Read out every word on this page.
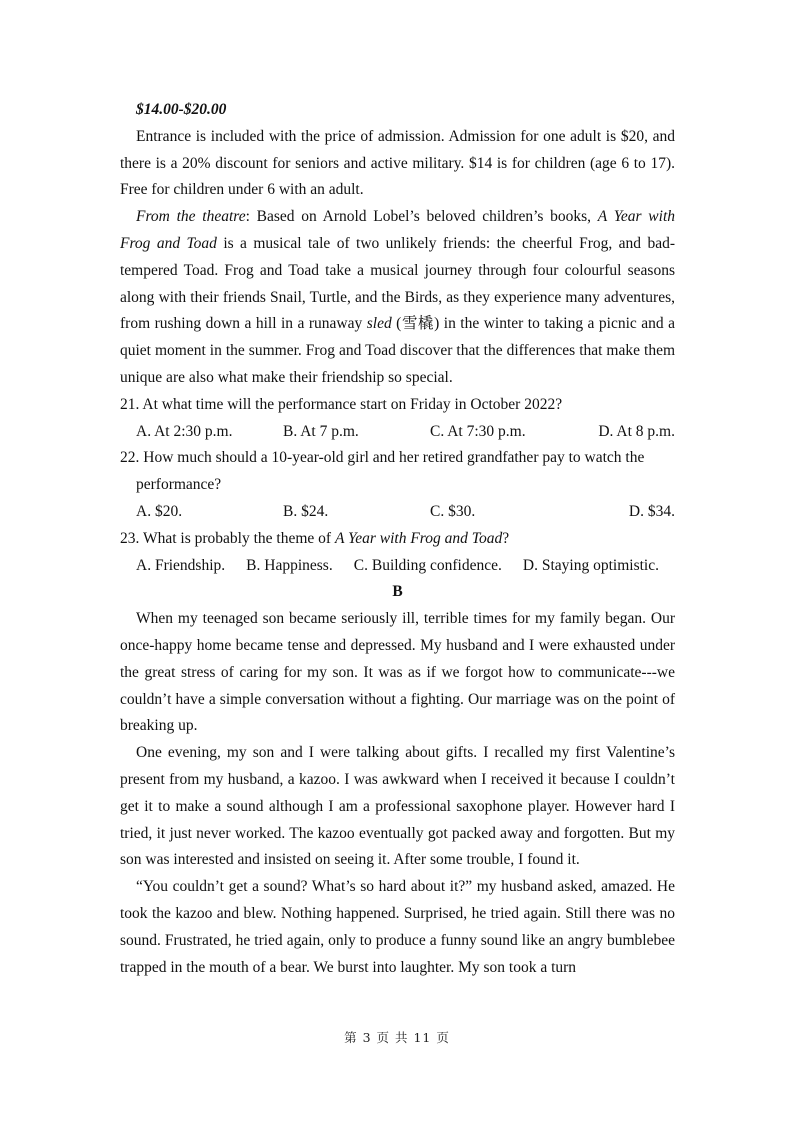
$14.00-$20.00

Entrance is included with the price of admission. Admission for one adult is $20, and there is a 20% discount for seniors and active military. $14 is for children (age 6 to 17). Free for children under 6 with an adult.

From the theatre: Based on Arnold Lobel’s beloved children’s books, A Year with Frog and Toad is a musical tale of two unlikely friends: the cheerful Frog, and bad-tempered Toad. Frog and Toad take a musical journey through four colourful seasons along with their friends Snail, Turtle, and the Birds, as they experience many adventures, from rushing down a hill in a runaway sled (雪橇) in the winter to taking a picnic and a quiet moment in the summer. Frog and Toad discover that the differences that make them unique are also what make their friendship so special.

21. At what time will the performance start on Friday in October 2022?

A. At 2:30 p.m.	B. At 7 p.m.	C. At 7:30 p.m.	D. At 8 p.m.

22. How much should a 10-year-old girl and her retired grandfather pay to watch the performance?

A. $20.	B. $24.	C. $30.	D. $34.

23. What is probably the theme of A Year with Frog and Toad?

A. Friendship. B. Happiness. C. Building confidence. D. Staying optimistic.

B

When my teenaged son became seriously ill, terrible times for my family began. Our once-happy home became tense and depressed. My husband and I were exhausted under the great stress of caring for my son. It was as if we forgot how to communicate---we couldn’t have a simple conversation without a fighting. Our marriage was on the point of breaking up.

One evening, my son and I were talking about gifts. I recalled my first Valentine’s present from my husband, a kazoo. I was awkward when I received it because I couldn’t get it to make a sound although I am a professional saxophone player. However hard I tried, it just never worked. The kazoo eventually got packed away and forgotten. But my son was interested and insisted on seeing it. After some trouble, I found it.

“You couldn’t get a sound? What’s so hard about it?” my husband asked, amazed. He took the kazoo and blew. Nothing happened. Surprised, he tried again. Still there was no sound. Frustrated, he tried again, only to produce a funny sound like an angry bumblebee trapped in the mouth of a bear. We burst into laughter. My son took a turn

第 3 页 共 11 页
